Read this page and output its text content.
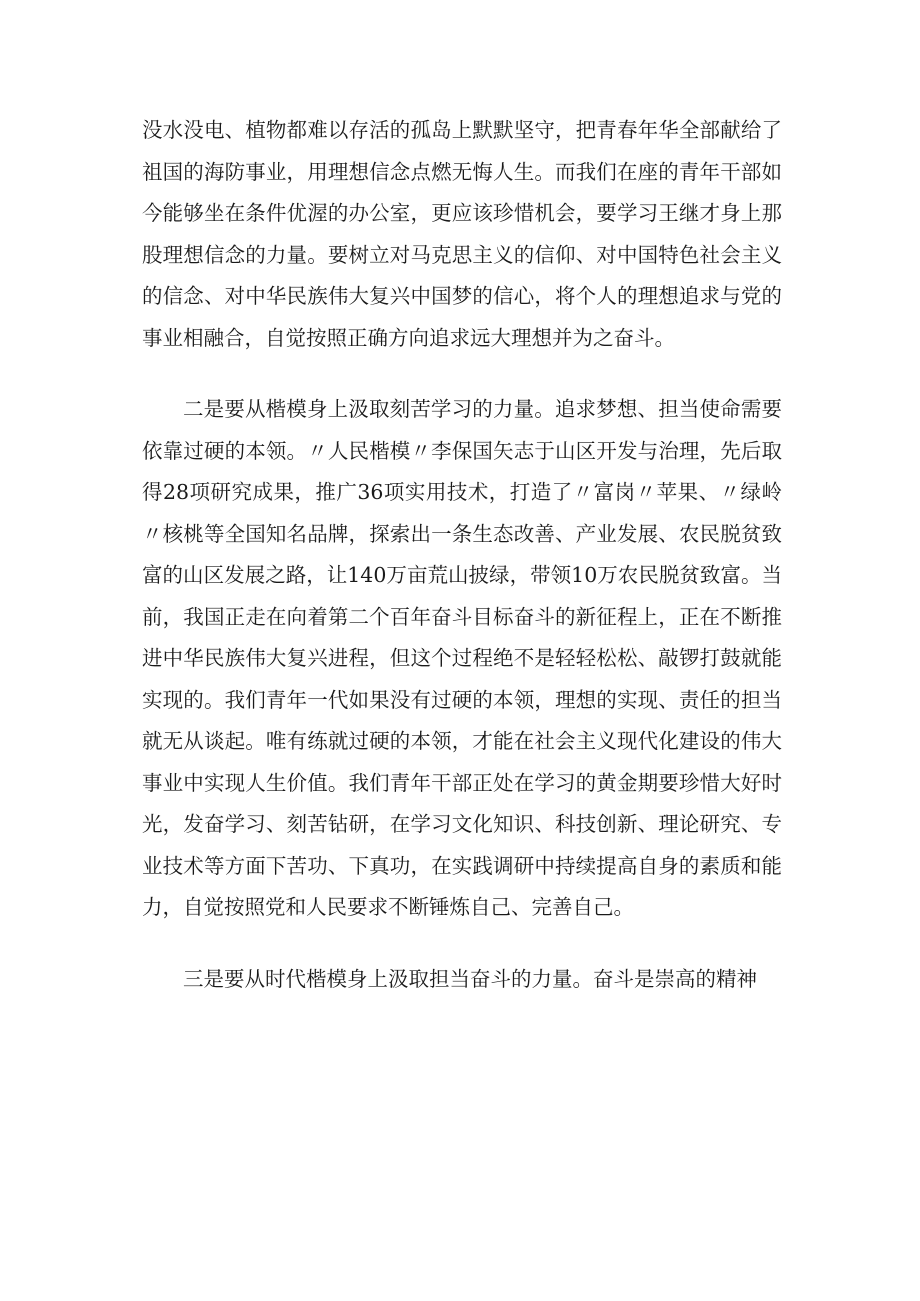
没水没电、植物都难以存活的孤岛上默默坚守，把青春年华全部献给了祖国的海防事业，用理想信念点燃无悔人生。而我们在座的青年干部如今能够坐在条件优渥的办公室，更应该珍惜机会，要学习王继才身上那股理想信念的力量。要树立对马克思主义的信仰、对中国特色社会主义的信念、对中华民族伟大复兴中国梦的信心，将个人的理想追求与党的事业相融合，自觉按照正确方向追求远大理想并为之奋斗。

二是要从楷模身上汲取刻苦学习的力量。追求梦想、担当使命需要依靠过硬的本领。〃人民楷模〃李保国矢志于山区开发与治理，先后取得28项研究成果，推广36项实用技术，打造了〃富岗〃苹果、〃绿岭〃核桃等全国知名品牌，探索出一条生态改善、产业发展、农民脱贫致富的山区发展之路，让140万亩荒山披绿，带领10万农民脱贫致富。当前，我国正走在向着第二个百年奋斗目标奋斗的新征程上，正在不断推进中华民族伟大复兴进程，但这个过程绝不是轻轻松松、敲锣打鼓就能实现的。我们青年一代如果没有过硬的本领，理想的实现、责任的担当就无从谈起。唯有练就过硬的本领，才能在社会主义现代化建设的伟大事业中实现人生价值。我们青年干部正处在学习的黄金期要珍惜大好时光，发奋学习、刻苦钻研，在学习文化知识、科技创新、理论研究、专业技术等方面下苦功、下真功，在实践调研中持续提高自身的素质和能力，自觉按照党和人民要求不断锤炼自己、完善自己。

三是要从时代楷模身上汲取担当奋斗的力量。奋斗是崇高的精神
